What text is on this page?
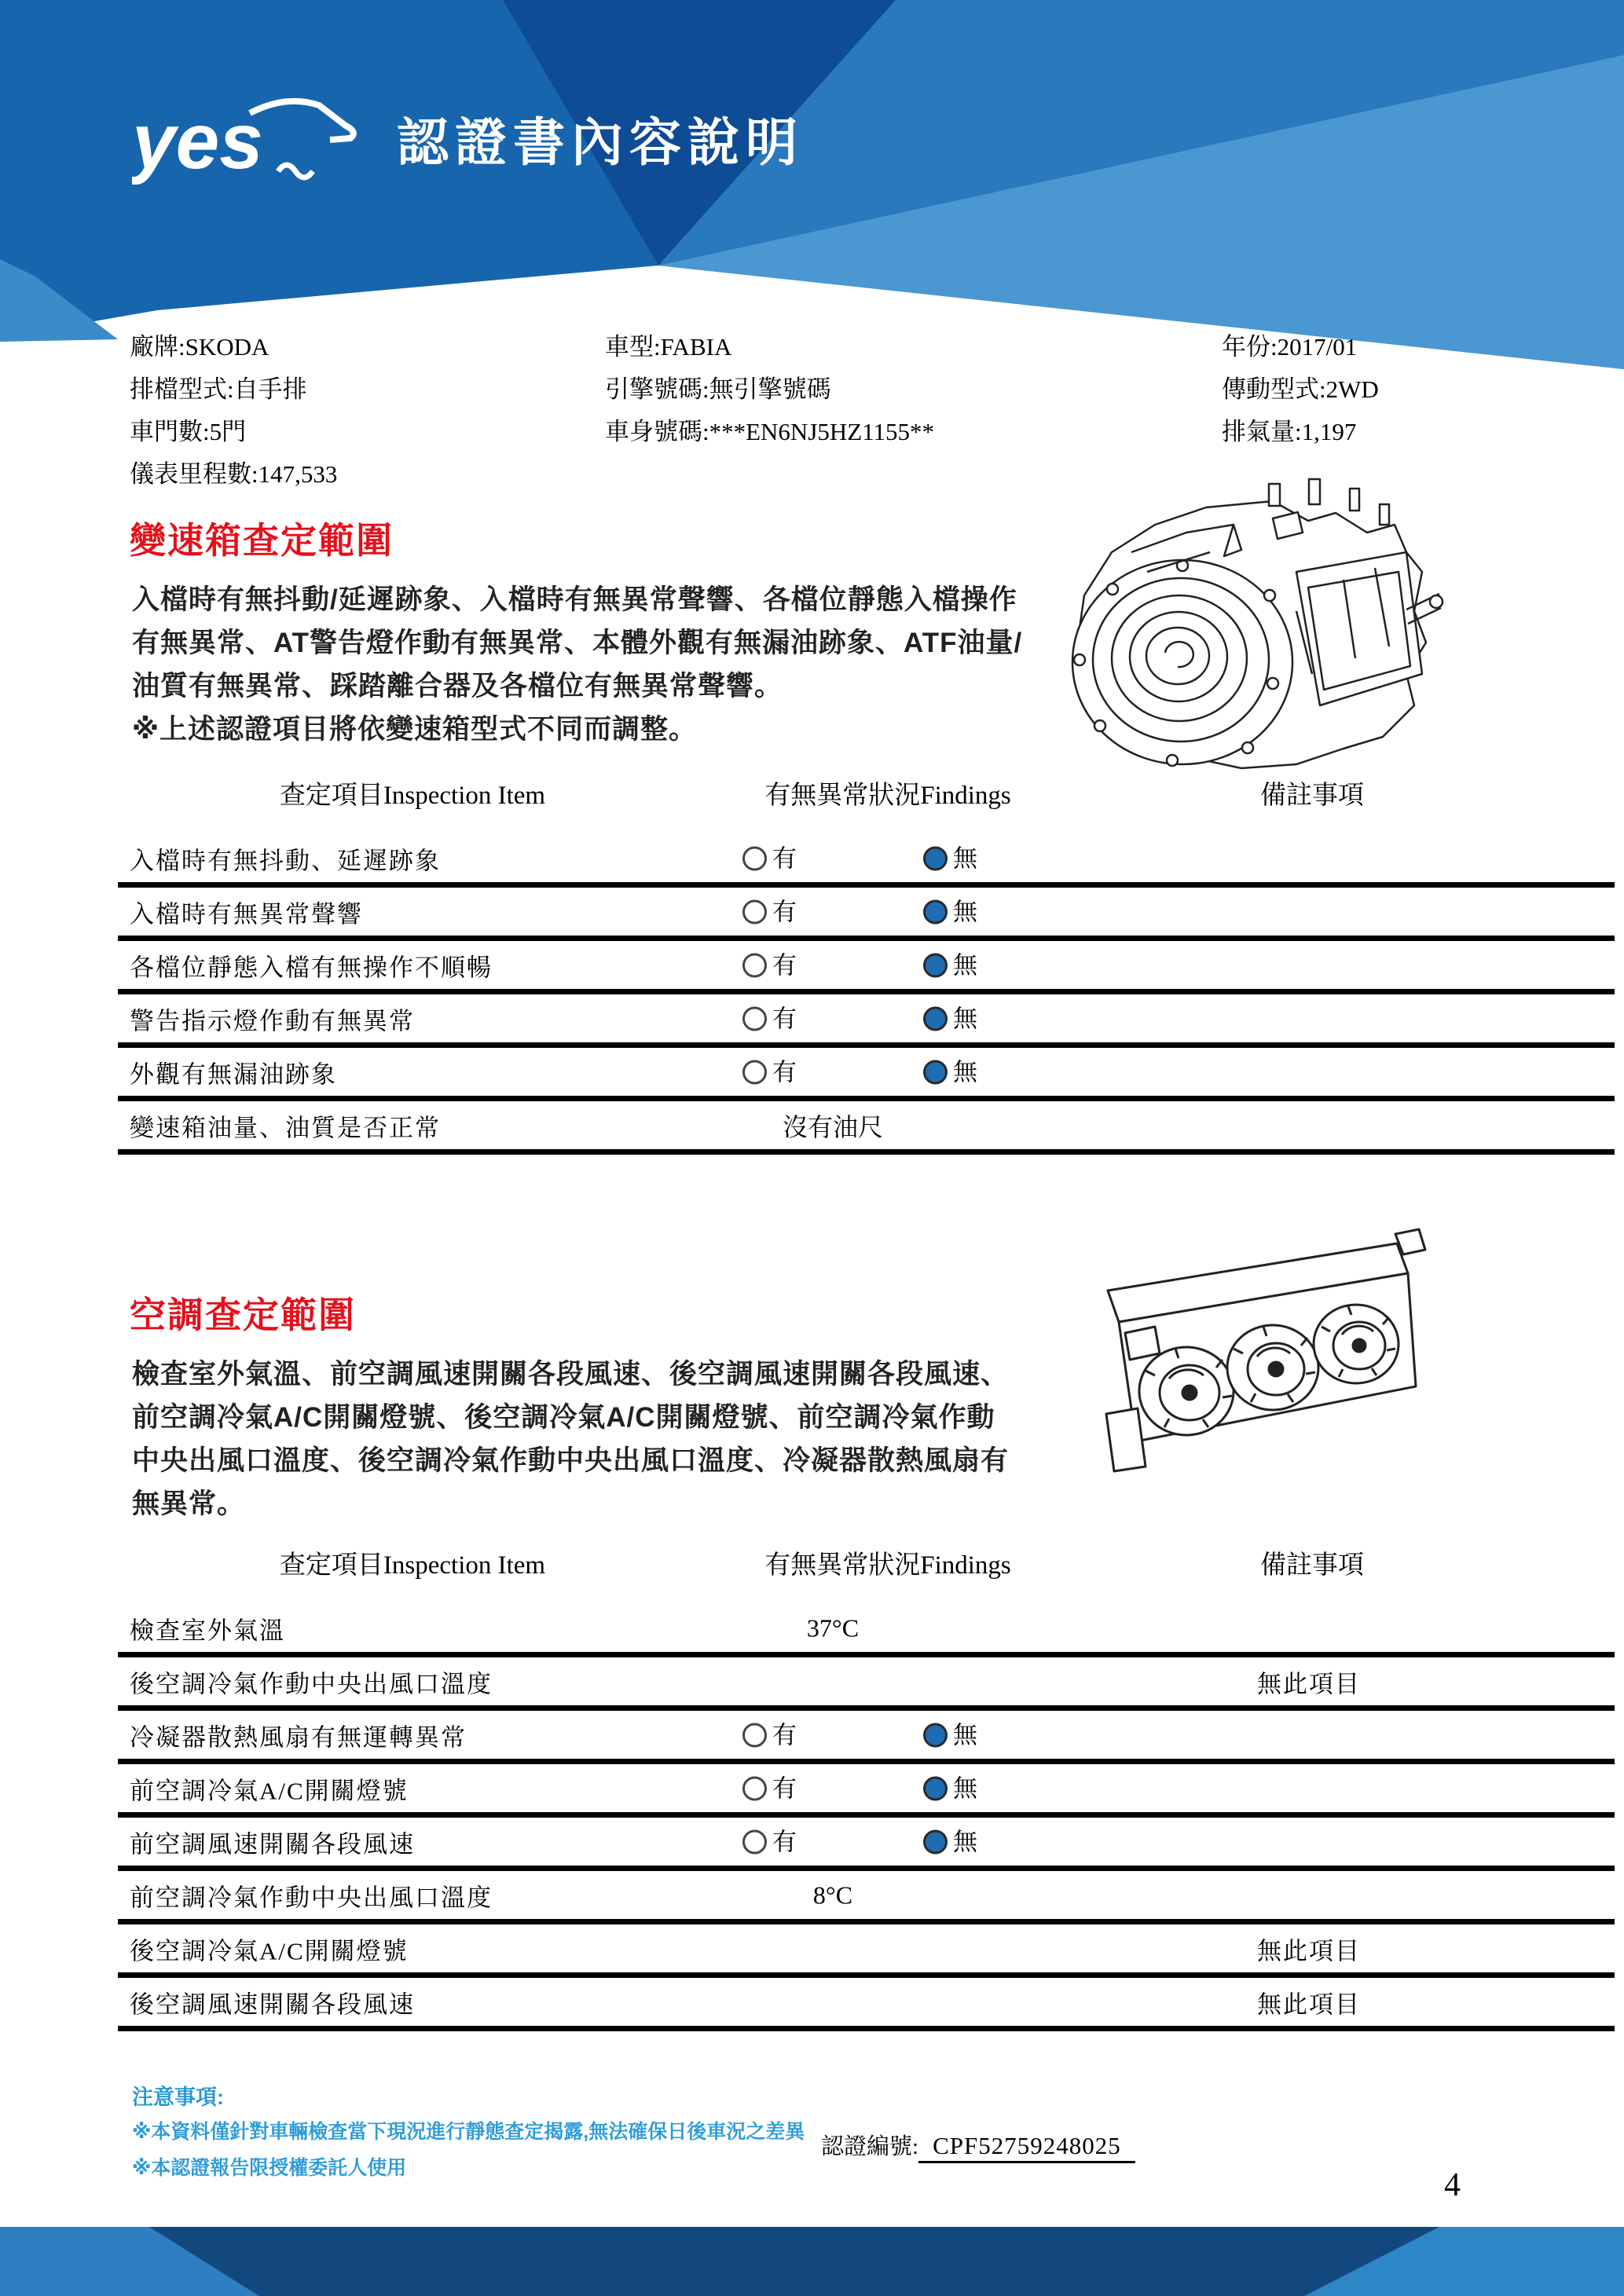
yes	認證書內容說明
廠牌:SKODA
排檔型式:自手排
車門數:5門
儀表里程數:147,533
車型:FABIA
引擎號碼:無引擎號碼
車身號碼:***EN6NJ5HZ1155**
年份:2017/01
傳動型式:2WD
排氣量:1,197
變速箱查定範圍
入檔時有無抖動/延遲跡象、入檔時有無異常聲響、各檔位靜態入檔操作
有無異常、AT警告燈作動有無異常、本體外觀有無漏油跡象、ATF油量/
油質有無異常、踩踏離合器及各檔位有無異常聲響。
※上述認證項目將依變速箱型式不同而調整。
查定項目Inspection Item	有無異常狀況Findings	備註事項
入檔時有無抖動、延遲跡象	有	無
入檔時有無異常聲響	有	無
各檔位靜態入檔有無操作不順暢	有	無
警告指示燈作動有無異常	有	無
外觀有無漏油跡象	有	無
變速箱油量、油質是否正常	沒有油尺
空調查定範圍
檢查室外氣溫、前空調風速開關各段風速、後空調風速開關各段風速、
前空調冷氣A/C開關燈號、後空調冷氣A/C開關燈號、前空調冷氣作動
中央出風口溫度、後空調冷氣作動中央出風口溫度、冷凝器散熱風扇有
無異常。
查定項目Inspection Item	有無異常狀況Findings	備註事項
檢查室外氣溫	37°C
後空調冷氣作動中央出風口溫度	無此項目
冷凝器散熱風扇有無運轉異常	有	無
前空調冷氣A/C開關燈號	有	無
前空調風速開關各段風速	有	無
前空調冷氣作動中央出風口溫度	8°C
後空調冷氣A/C開關燈號	無此項目
後空調風速開關各段風速	無此項目
注意事項:
※本資料僅針對車輛檢查當下現況進行靜態查定揭露,無法確保日後車況之差異
※本認證報告限授權委託人使用
認證編號: CPF52759248025
4
